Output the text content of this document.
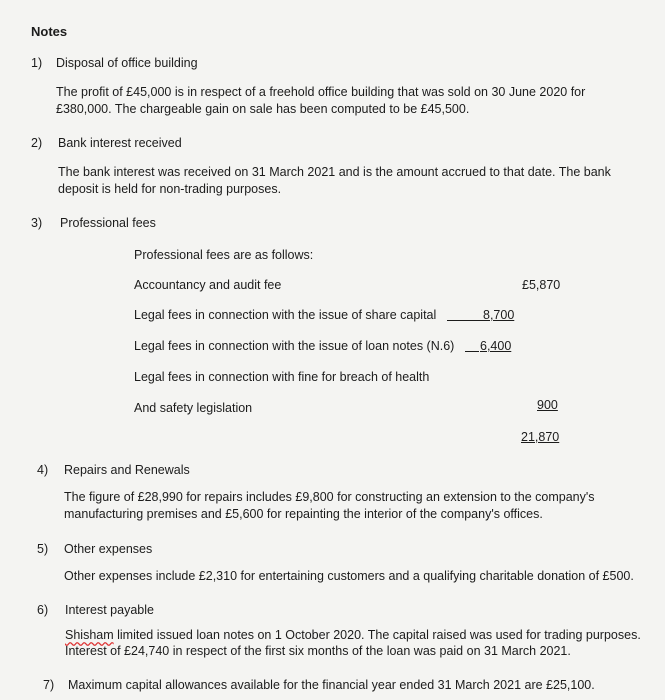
Notes
1) Disposal of office building
The profit of £45,000 is in respect of a freehold office building that was sold on 30 June 2020 for £380,000. The chargeable gain on sale has been computed to be £45,500.
2) Bank interest received
The bank interest was received on 31 March 2021 and is the amount accrued to that date. The bank deposit is held for non-trading purposes.
3) Professional fees
Professional fees are as follows:
Accountancy and audit fee	£5,870
Legal fees in connection with the issue of share capital	8,700
Legal fees in connection with the issue of loan notes (N.6) 6,400
Legal fees in connection with fine for breach of health
And safety legislation	900
21,870
4) Repairs and Renewals
The figure of £28,990 for repairs includes £9,800 for constructing an extension to the company's manufacturing premises and £5,600 for repainting the interior of the company's offices.
5) Other expenses
Other expenses include £2,310 for entertaining customers and a qualifying charitable donation of £500.
6) Interest payable
Shisham limited issued loan notes on 1 October 2020. The capital raised was used for trading purposes.
Interest of £24,740 in respect of the first six months of the loan was paid on 31 March 2021.
7) Maximum capital allowances available for the financial year ended 31 March 2021 are £25,100.
